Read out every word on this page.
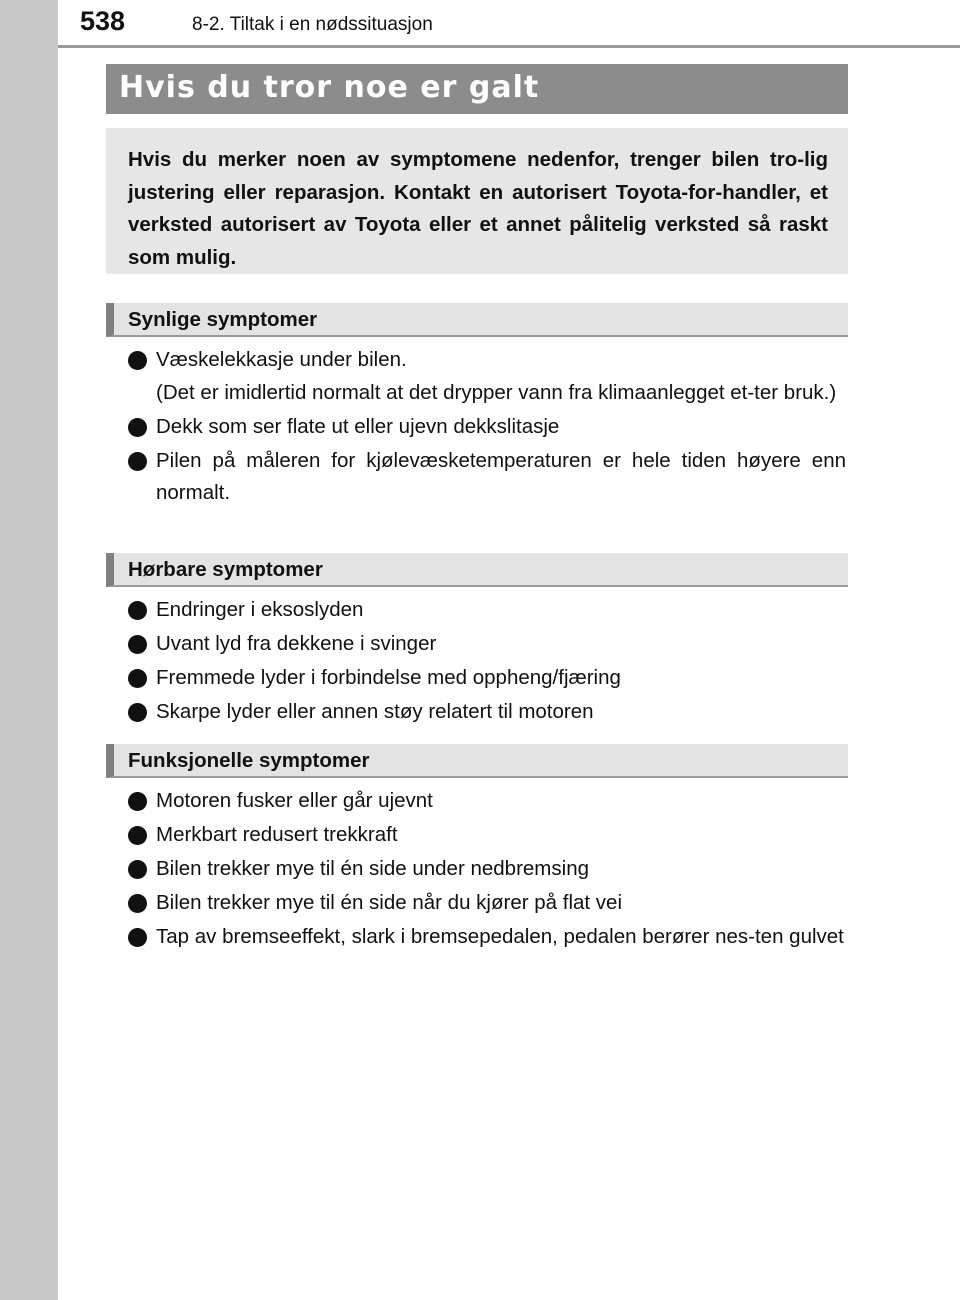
538	8-2. Tiltak i en nødssituasjon
Hvis du tror noe er galt

Hvis du merker noen av symptomene nedenfor, trenger bilen tro-lig justering eller reparasjon. Kontakt en autorisert Toyota-for-handler, et verksted autorisert av Toyota eller et annet pålitelig verksted så raskt som mulig.

Synlige symptomer
Væskelekkasje under bilen.
(Det er imidlertid normalt at det drypper vann fra klimaanlegget et-ter bruk.)
Dekk som ser flate ut eller ujevn dekkslitasje
Pilen på måleren for kjølevæsketemperaturen er hele tiden høyere enn normalt.
Hørbare symptomer
Endringer i eksoslyden
Uvant lyd fra dekkene i svinger
Fremmede lyder i forbindelse med oppheng/fjæring
Skarpe lyder eller annen støy relatert til motoren
Funksjonelle symptomer
Motoren fusker eller går ujevnt
Merkbart redusert trekkraft
Bilen trekker mye til én side under nedbremsing
Bilen trekker mye til én side når du kjører på flat vei
Tap av bremseeffekt, slark i bremsepedalen, pedalen berører nes-ten gulvet
